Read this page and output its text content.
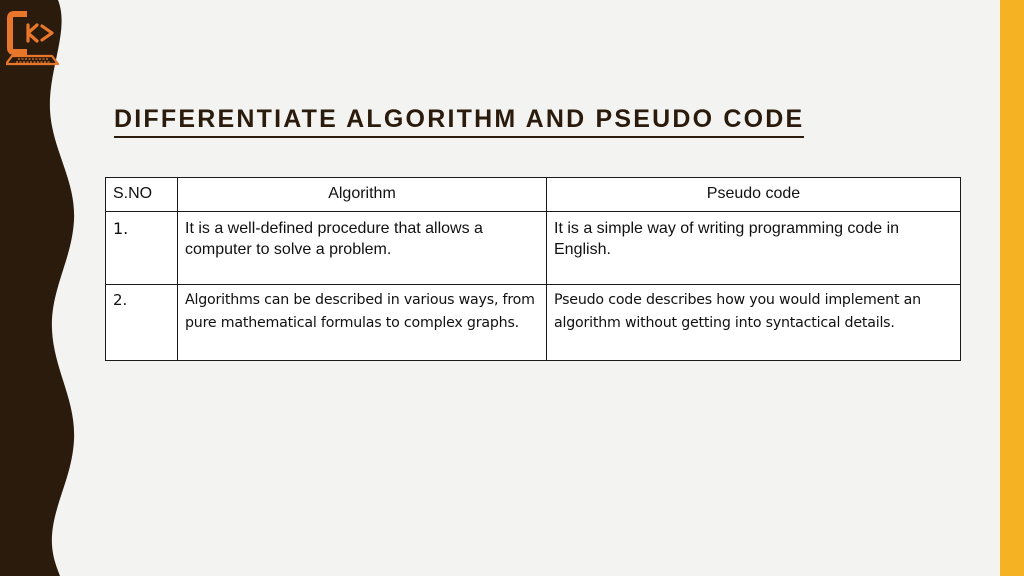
DIFFERENTIATE ALGORITHM AND PSEUDO CODE
S.NO	Algorithm	Pseudo code
1.	It is a well-defined procedure that allows a computer to solve a problem.	It is a simple way of writing programming code in English.
2.	Algorithms can be described in various ways, from pure mathematical formulas to complex graphs.	Pseudo code describes how you would implement an algorithm without getting into syntactical details.
